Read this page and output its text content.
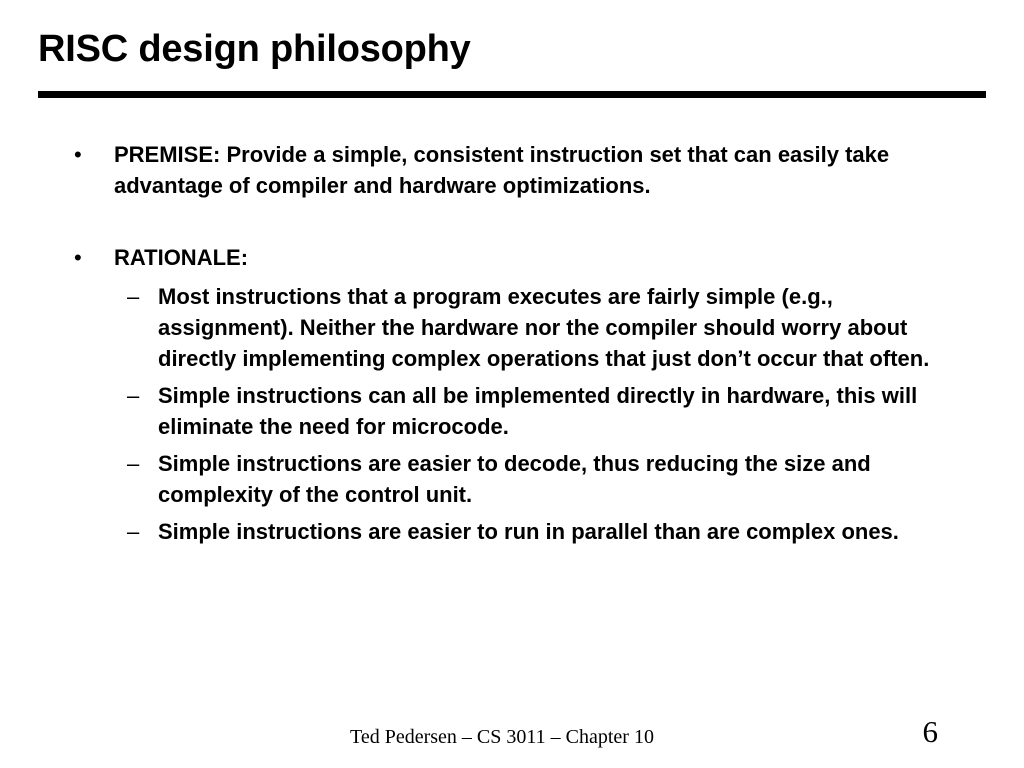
RISC design philosophy
• PREMISE: Provide a simple, consistent instruction set that can easily take advantage of compiler and hardware optimizations.
• RATIONALE:
– Most instructions that a program executes are fairly simple (e.g., assignment). Neither the hardware nor the compiler should worry about directly implementing complex operations that just don’t occur that often.
– Simple instructions can all be implemented directly in hardware, this will eliminate the need for microcode.
– Simple instructions are easier to decode, thus reducing the size and complexity of the control unit.
– Simple instructions are easier to run in parallel than are complex ones.
Ted Pedersen – CS 3011 – Chapter 10	6
